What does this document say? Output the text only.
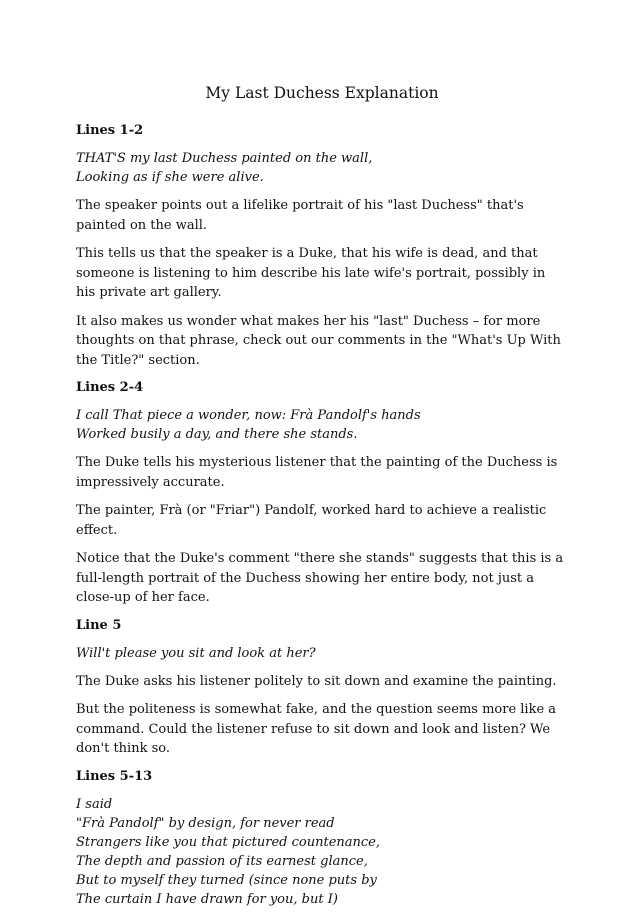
My Last Duchess Explanation
Lines 1-2
THAT'S my last Duchess painted on the wall,
Looking as if she were alive.

The speaker points out a lifelike portrait of his "last Duchess" that's painted on the wall.

This tells us that the speaker is a Duke, that his wife is dead, and that someone is listening to him describe his late wife's portrait, possibly in his private art gallery.

It also makes us wonder what makes her his "last" Duchess – for more thoughts on that phrase, check out our comments in the "What's Up With the Title?" section.

Lines 2-4
I call That piece a wonder, now: Frà Pandolf's hands
Worked busily a day, and there she stands.

The Duke tells his mysterious listener that the painting of the Duchess is impressively accurate.

The painter, Frà (or "Friar") Pandolf, worked hard to achieve a realistic effect.

Notice that the Duke's comment "there she stands" suggests that this is a full-length portrait of the Duchess showing her entire body, not just a close-up of her face.

Line 5
Will't please you sit and look at her?

The Duke asks his listener politely to sit down and examine the painting.

But the politeness is somewhat fake, and the question seems more like a command. Could the listener refuse to sit down and look and listen? We don't think so.

Lines 5-13
I said
"Frà Pandolf" by design, for never read
Strangers like you that pictured countenance,
The depth and passion of its earnest glance,
But to myself they turned (since none puts by
The curtain I have drawn for you, but I)
